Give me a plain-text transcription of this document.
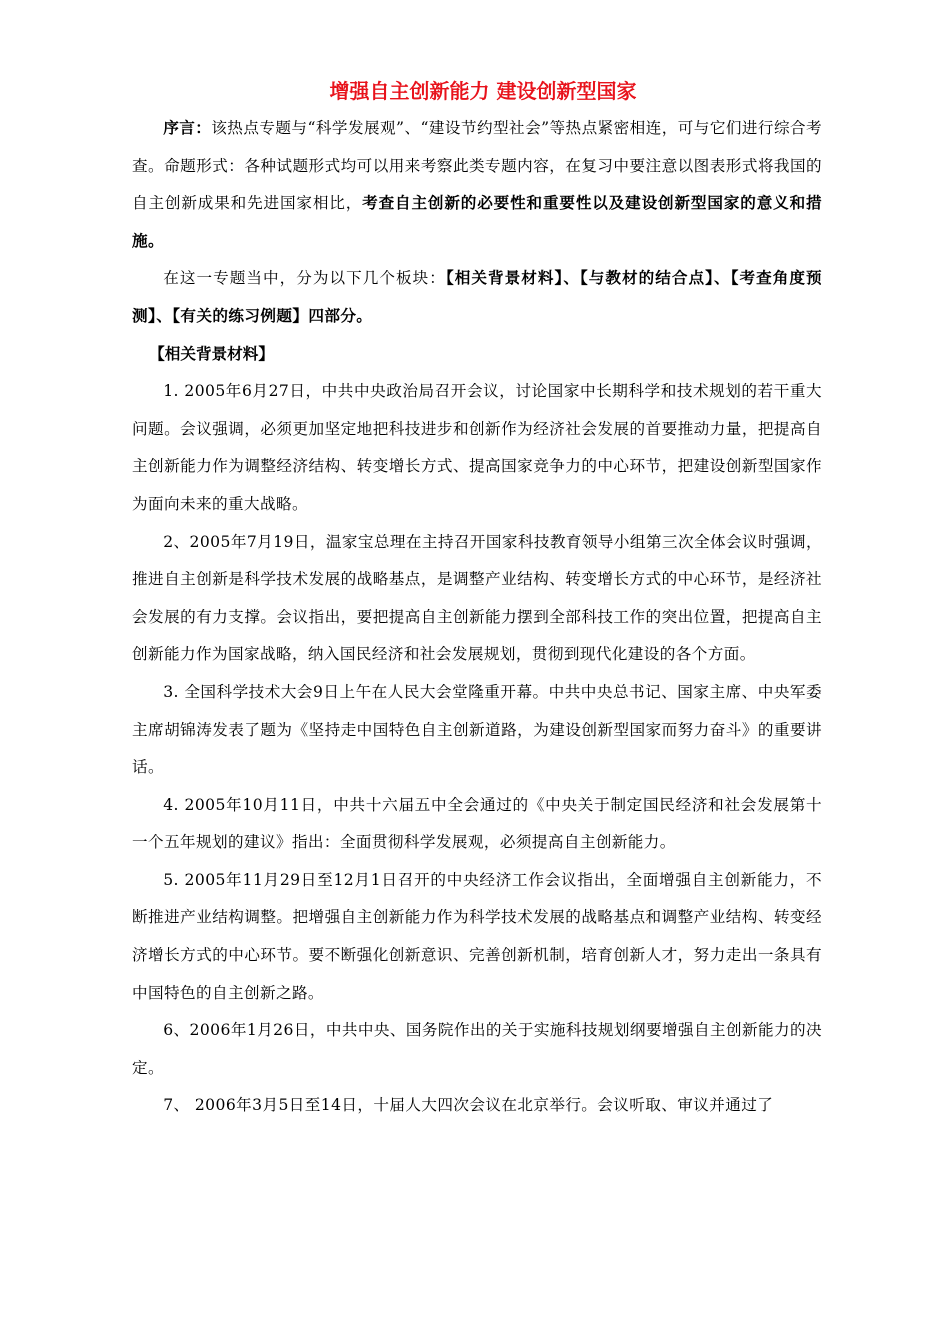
增强自主创新能力 建设创新型国家

序言：该热点专题与“科学发展观”、“建设节约型社会”等热点紧密相连，可与它们进行综合考查。命题形式：各种试题形式均可以用来考察此类专题内容，在复习中要注意以图表形式将我国的自主创新成果和先进国家相比，考查自主创新的必要性和重要性以及建设创新型国家的意义和措施。

在这一专题当中，分为以下几个板块：【相关背景材料】、【与教材的结合点】、【考查角度预测】、【有关的练习例题】四部分。

【相关背景材料】

1. 2005年6月27日，中共中央政治局召开会议，讨论国家中长期科学和技术规划的若干重大问题。会议强调，必须更加坚定地把科技进步和创新作为经济社会发展的首要推动力量，把提高自主创新能力作为调整经济结构、转变增长方式、提高国家竞争力的中心环节，把建设创新型国家作为面向未来的重大战略。

2、2005年7月19日，温家宝总理在主持召开国家科技教育领导小组第三次全体会议时强调，推进自主创新是科学技术发展的战略基点，是调整产业结构、转变增长方式的中心环节，是经济社会发展的有力支撑。会议指出，要把提高自主创新能力摆到全部科技工作的突出位置，把提高自主创新能力作为国家战略，纳入国民经济和社会发展规划，贯彻到现代化建设的各个方面。

3. 全国科学技术大会9日上午在人民大会堂隆重开幕。中共中央总书记、国家主席、中央军委主席胡锦涛发表了题为《坚持走中国特色自主创新道路，为建设创新型国家而努力奋斗》的重要讲话。

4. 2005年10月11日，中共十六届五中全会通过的《中央关于制定国民经济和社会发展第十一个五年规划的建议》指出：全面贯彻科学发展观，必须提高自主创新能力。

5. 2005年11月29日至12月1日召开的中央经济工作会议指出，全面增强自主创新能力，不断推进产业结构调整。把增强自主创新能力作为科学技术发展的战略基点和调整产业结构、转变经济增长方式的中心环节。要不断强化创新意识、完善创新机制，培育创新人才，努力走出一条具有中国特色的自主创新之路。

6、2006年1月26日，中共中央、国务院作出的关于实施科技规划纲要增强自主创新能力的决定。

7、 2006年3月5日至14日，十届人大四次会议在北京举行。会议听取、审议并通过了
